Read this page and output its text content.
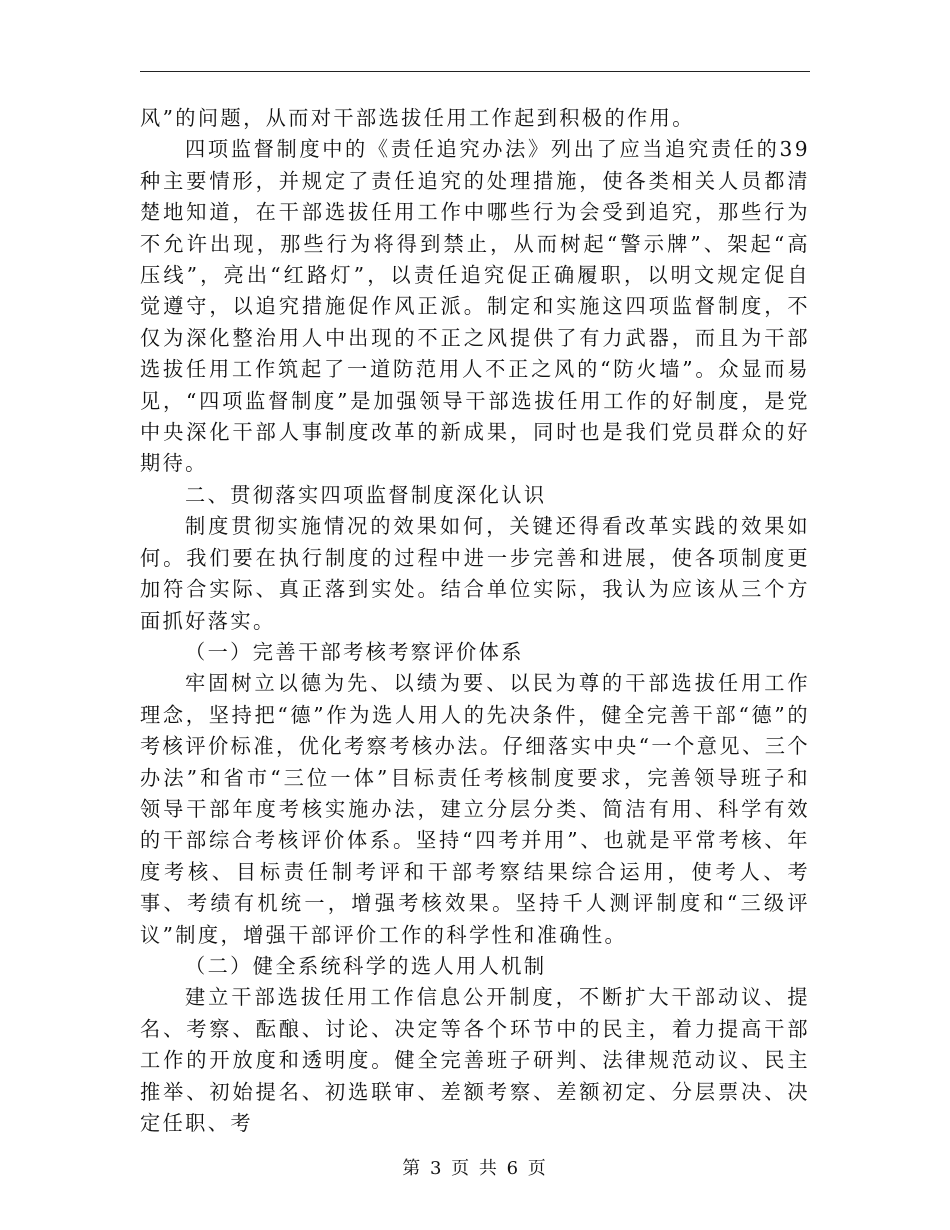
风”的问题，从而对干部选拔任用工作起到积极的作用。

四项监督制度中的《责任追究办法》列出了应当追究责任的39种主要情形，并规定了责任追究的处理措施，使各类相关人员都清楚地知道，在干部选拔任用工作中哪些行为会受到追究，那些行为不允许出现，那些行为将得到禁止，从而树起“警示牌”、架起“高压线”，亮出“红路灯”，以责任追究促正确履职，以明文规定促自觉遵守，以追究措施促作风正派。制定和实施这四项监督制度，不仅为深化整治用人中出现的不正之风提供了有力武器，而且为干部选拔任用工作筑起了一道防范用人不正之风的“防火墙”。众显而易见，“四项监督制度”是加强领导干部选拔任用工作的好制度，是党中央深化干部人事制度改革的新成果，同时也是我们党员群众的好期待。

二、贯彻落实四项监督制度深化认识

制度贯彻实施情况的效果如何，关键还得看改革实践的效果如何。我们要在执行制度的过程中进一步完善和进展，使各项制度更加符合实际、真正落到实处。结合单位实际，我认为应该从三个方面抓好落实。

（一）完善干部考核考察评价体系

牢固树立以德为先、以绩为要、以民为尊的干部选拔任用工作理念，坚持把“德”作为选人用人的先决条件，健全完善干部“德”的考核评价标准，优化考察考核办法。仔细落实中央“一个意见、三个办法”和省市“三位一体”目标责任考核制度要求，完善领导班子和领导干部年度考核实施办法，建立分层分类、简洁有用、科学有效的干部综合考核评价体系。坚持“四考并用”、也就是平常考核、年度考核、目标责任制考评和干部考察结果综合运用，使考人、考事、考绩有机统一，增强考核效果。坚持千人测评制度和“三级评议”制度，增强干部评价工作的科学性和准确性。

（二）健全系统科学的选人用人机制

建立干部选拔任用工作信息公开制度，不断扩大干部动议、提名、考察、酝酿、讨论、决定等各个环节中的民主，着力提高干部工作的开放度和透明度。健全完善班子研判、法律规范动议、民主推举、初始提名、初选联审、差额考察、差额初定、分层票决、决定任职、考

第 3 页 共 6 页
